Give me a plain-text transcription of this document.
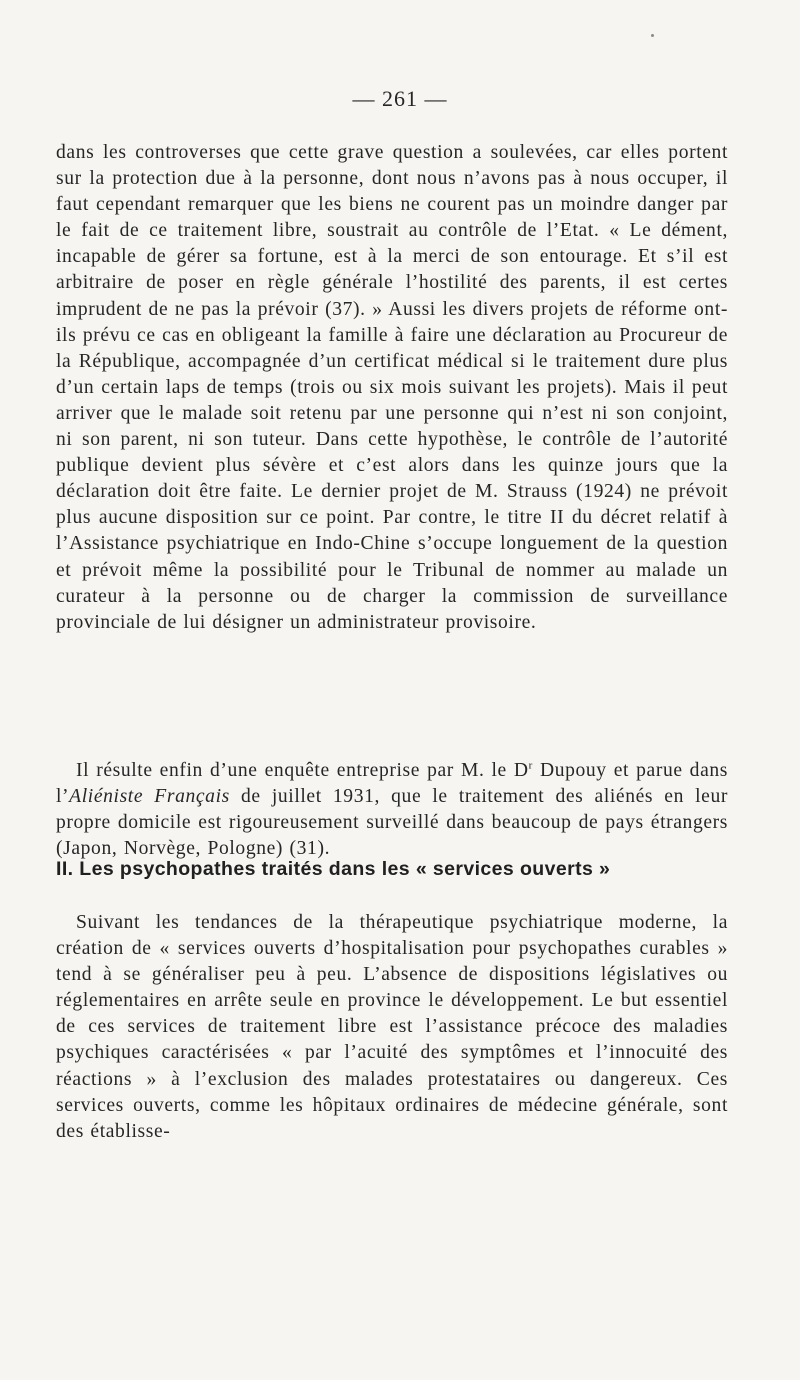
— 261 —

dans les controverses que cette grave question a soulevées, car elles portent sur la protection due à la personne, dont nous n’avons pas à nous occuper, il faut cependant remarquer que les biens ne courent pas un moindre danger par le fait de ce traitement libre, soustrait au contrôle de l’Etat. « Le dément, incapable de gérer sa fortune, est à la merci de son entourage. Et s’il est arbitraire de poser en règle générale l’hostilité des parents, il est certes imprudent de ne pas la prévoir (37). » Aussi les divers projets de réforme ont-ils prévu ce cas en obligeant la famille à faire une déclaration au Procureur de la République, accompagnée d’un certificat médical si le traitement dure plus d’un certain laps de temps (trois ou six mois suivant les projets). Mais il peut arriver que le malade soit retenu par une personne qui n’est ni son conjoint, ni son parent, ni son tuteur. Dans cette hypothèse, le contrôle de l’autorité publique devient plus sévère et c’est alors dans les quinze jours que la déclaration doit être faite. Le dernier projet de M. Strauss (1924) ne prévoit plus aucune disposition sur ce point. Par contre, le titre II du décret relatif à l’Assistance psychiatrique en Indo-Chine s’occupe longuement de la question et prévoit même la possibilité pour le Tribunal de nommer au malade un curateur à la personne ou de charger la commission de surveillance provinciale de lui désigner un administrateur provisoire.

Il résulte enfin d’une enquête entreprise par M. le $D^r$ Dupouy et parue dans l’Aliéniste Français de juillet 1931, que le traitement des aliénés en leur propre domicile est rigoureusement surveillé dans beaucoup de pays étrangers (Japon, Norvège, Pologne) (31).

II. Les psychopathes traités dans les « services ouverts »

Suivant les tendances de la thérapeutique psychiatrique moderne, la création de « services ouverts d’hospitalisation pour psychopathes curables » tend à se généraliser peu à peu. L’absence de dispositions législatives ou réglementaires en arrête seule en province le développement. Le but essentiel de ces services de traitement libre est l’assistance précoce des maladies psychiques caractérisées « par l’acuité des symptômes et l’innocuité des réactions » à l’exclusion des malades protestataires ou dangereux. Ces services ouverts, comme les hôpitaux ordinaires de médecine générale, sont des établisse-
